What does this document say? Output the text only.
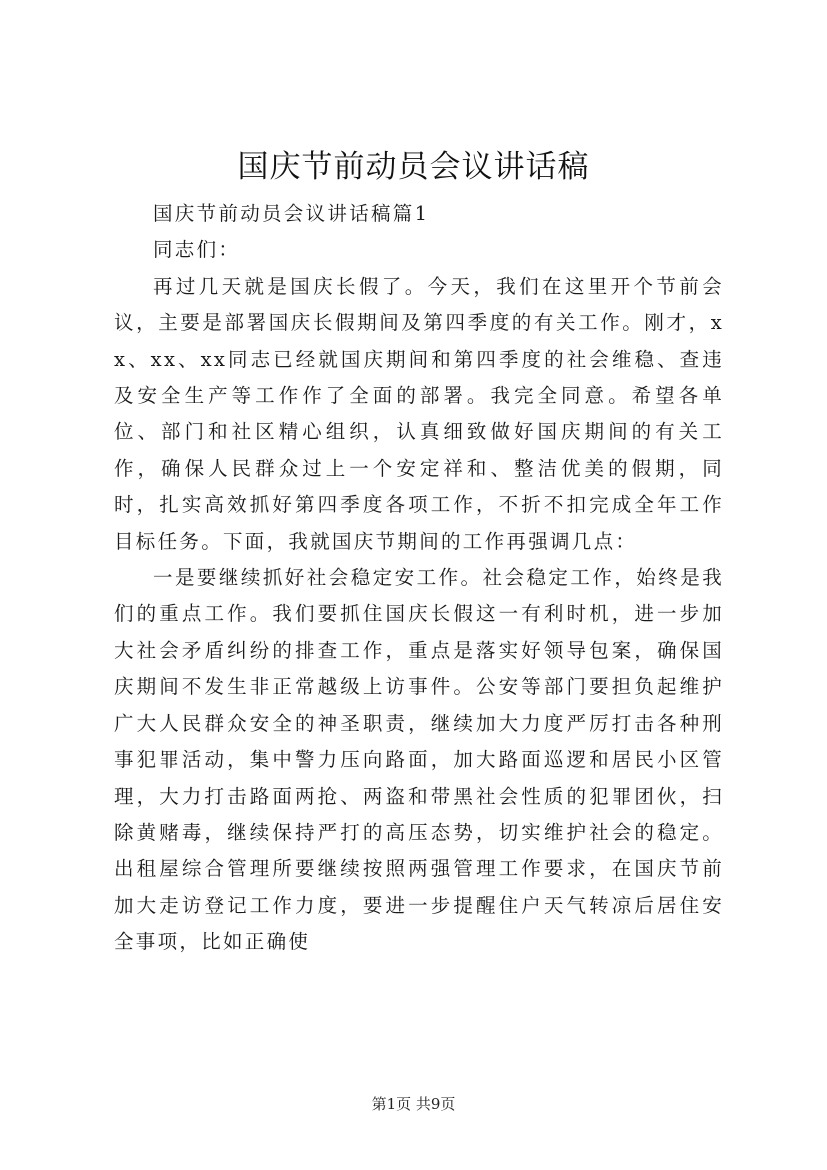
国庆节前动员会议讲话稿

国庆节前动员会议讲话稿篇1

同志们：

再过几天就是国庆长假了。今天，我们在这里开个节前会议，主要是部署国庆长假期间及第四季度的有关工作。刚才，xx、xx、xx同志已经就国庆期间和第四季度的社会维稳、查违及安全生产等工作作了全面的部署。我完全同意。希望各单位、部门和社区精心组织，认真细致做好国庆期间的有关工作，确保人民群众过上一个安定祥和、整洁优美的假期，同时，扎实高效抓好第四季度各项工作，不折不扣完成全年工作目标任务。下面，我就国庆节期间的工作再强调几点：

一是要继续抓好社会稳定安工作。社会稳定工作，始终是我们的重点工作。我们要抓住国庆长假这一有利时机，进一步加大社会矛盾纠纷的排查工作，重点是落实好领导包案，确保国庆期间不发生非正常越级上访事件。公安等部门要担负起维护广大人民群众安全的神圣职责，继续加大力度严厉打击各种刑事犯罪活动，集中警力压向路面，加大路面巡逻和居民小区管理，大力打击路面两抢、两盗和带黑社会性质的犯罪团伙，扫除黄赌毒，继续保持严打的高压态势，切实维护社会的稳定。出租屋综合管理所要继续按照两强管理工作要求，在国庆节前加大走访登记工作力度，要进一步提醒住户天气转凉后居住安全事项，比如正确使

第1页 共9页
